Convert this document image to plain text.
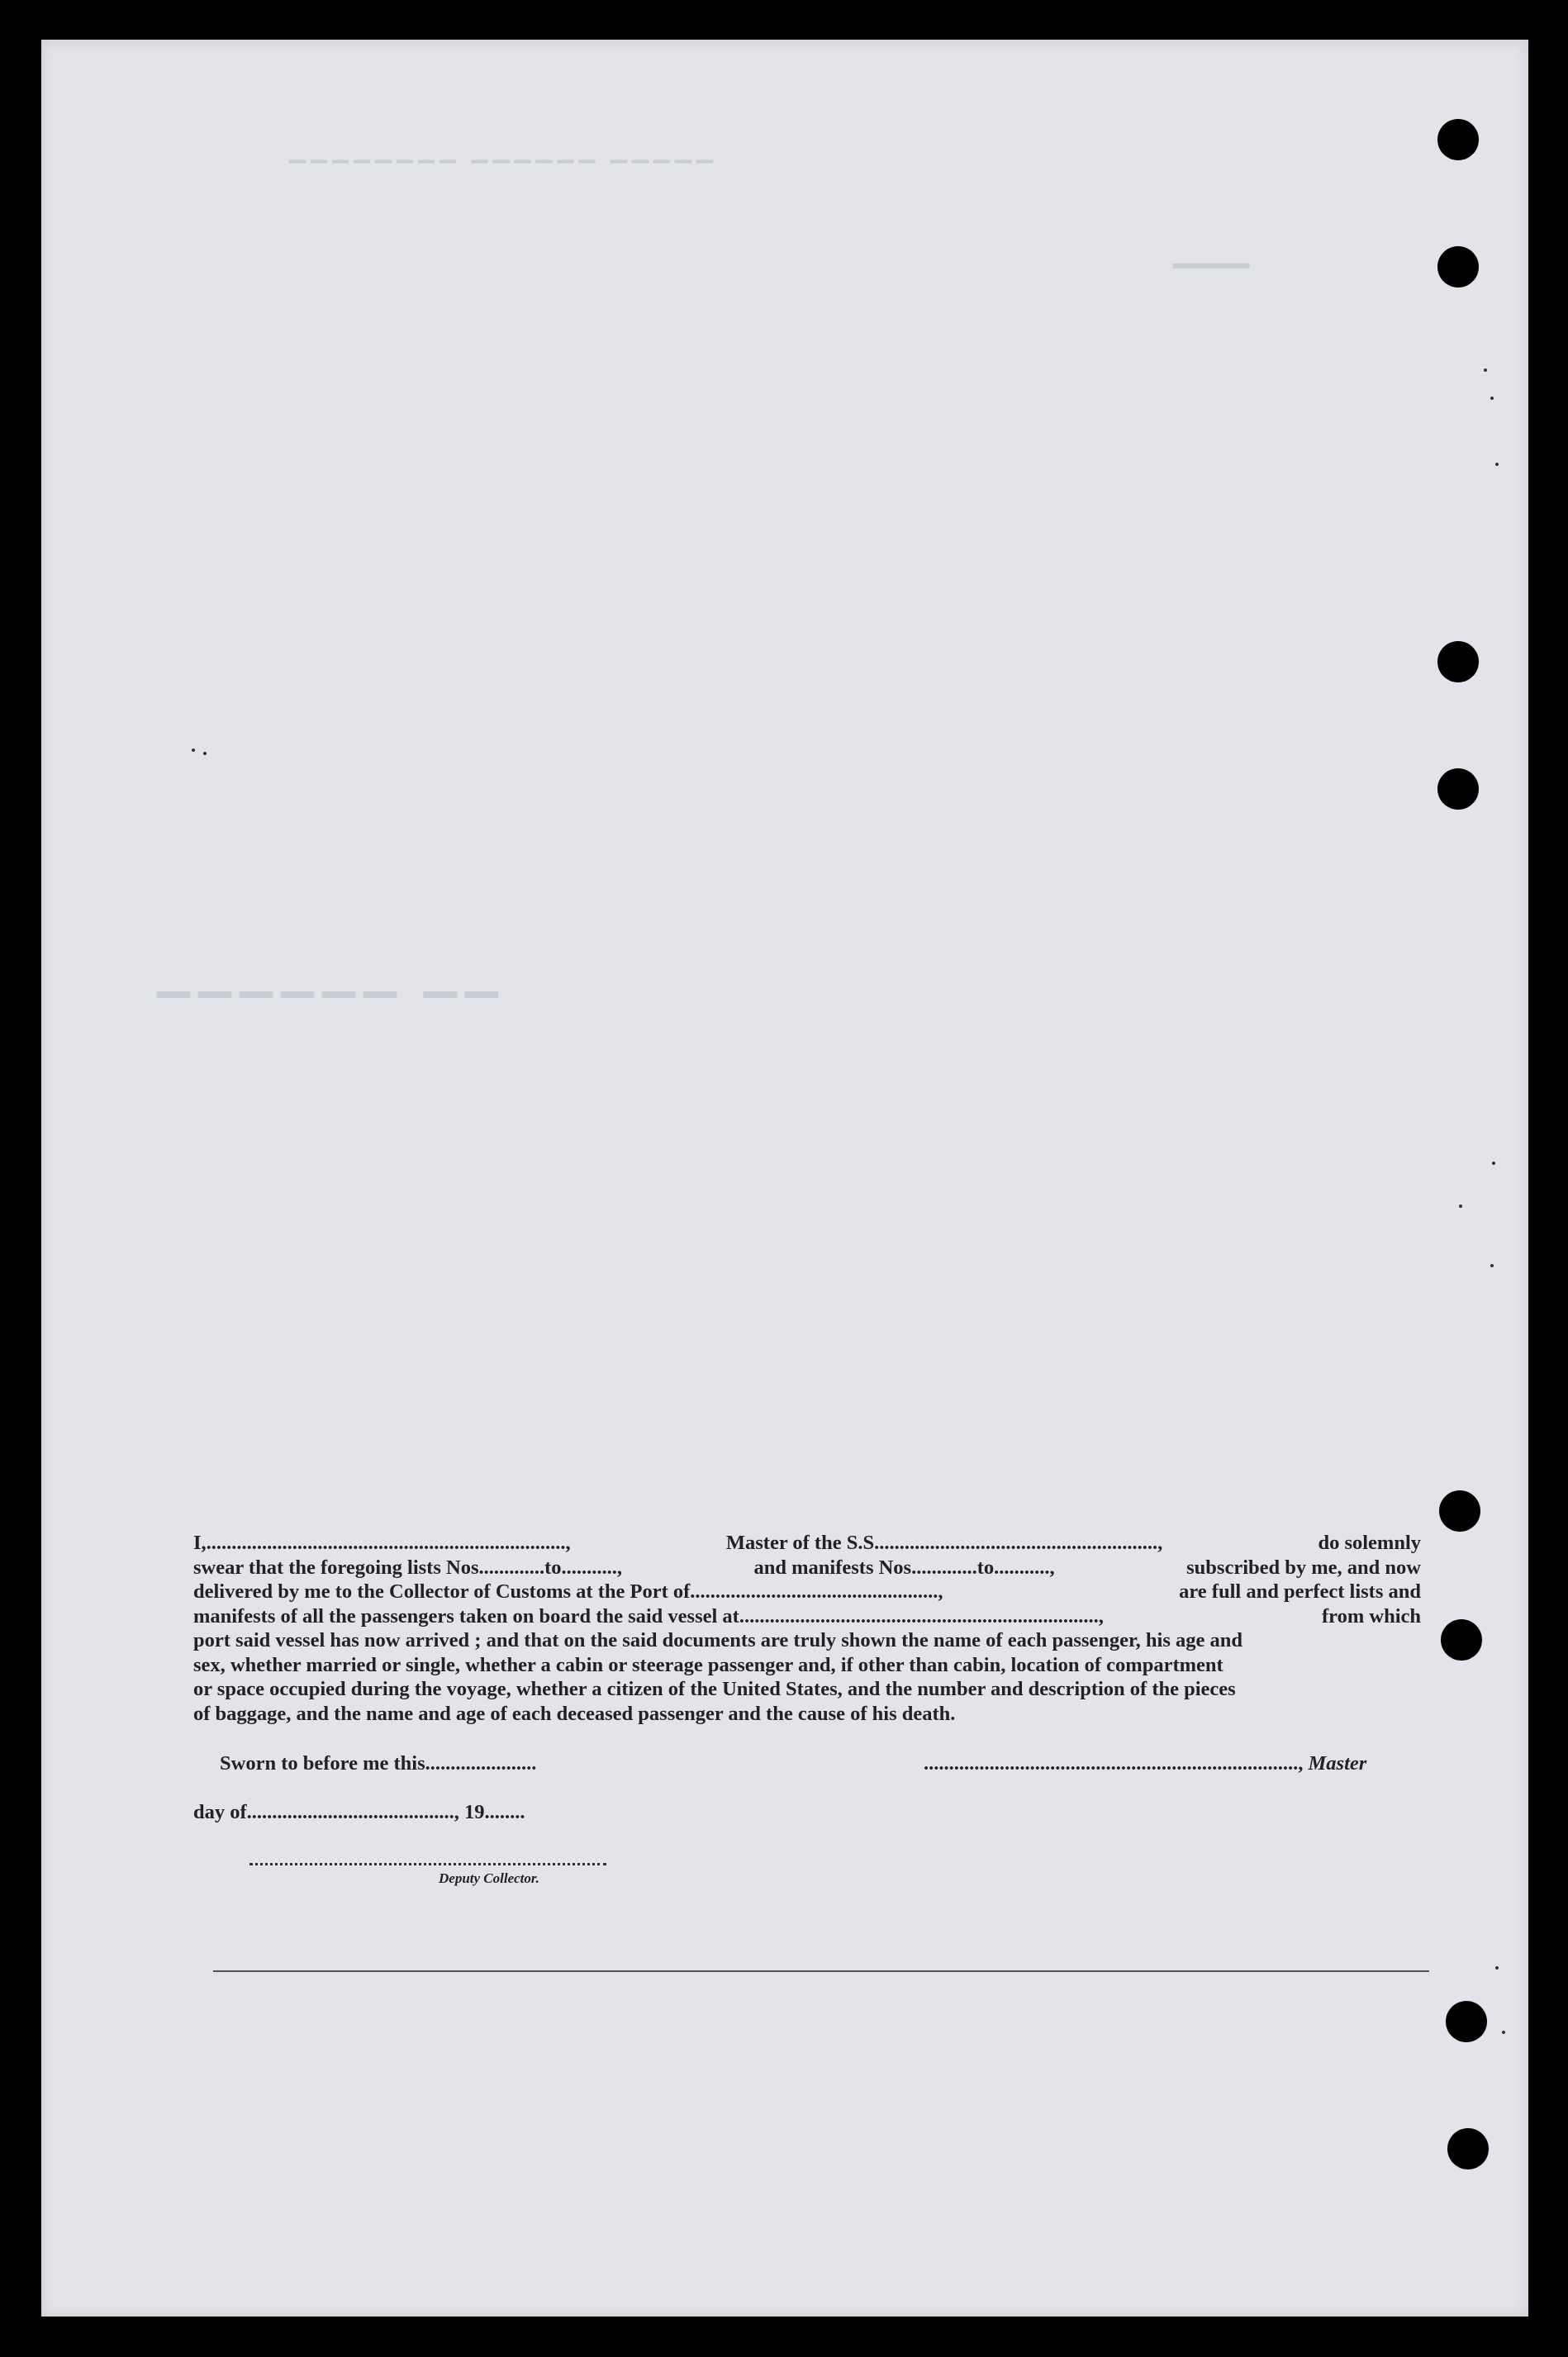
▁▁▁▁▁▁▁▁ ▁▁▁▁▁▁ ▁▁▁▁▁
▁▁▁
▁▁▁▁▁▁ ▁▁
I,.......................................................................,	Master of the S.S........................................................,	do solemnly
swear that the foregoing lists Nos.............to...........,	and manifests Nos.............to...........,	subscribed by me, and now
delivered by me to the Collector of Customs at the Port of.................................................,	are full and perfect lists and
manifests of all the passengers taken on board the said vessel at.......................................................................,	from which
port said vessel has now arrived ; and that on the said documents are truly shown the name of each passenger, his age and
sex, whether married or single, whether a cabin or steerage passenger and, if other than cabin, location of compartment
or space occupied during the voyage, whether a citizen of the United States, and the number and description of the pieces
of baggage, and the name and age of each deceased passenger and the cause of his death.
Sworn to before me this......................	.........................................................................., Master
day of........................................., 19........
Deputy Collector.
